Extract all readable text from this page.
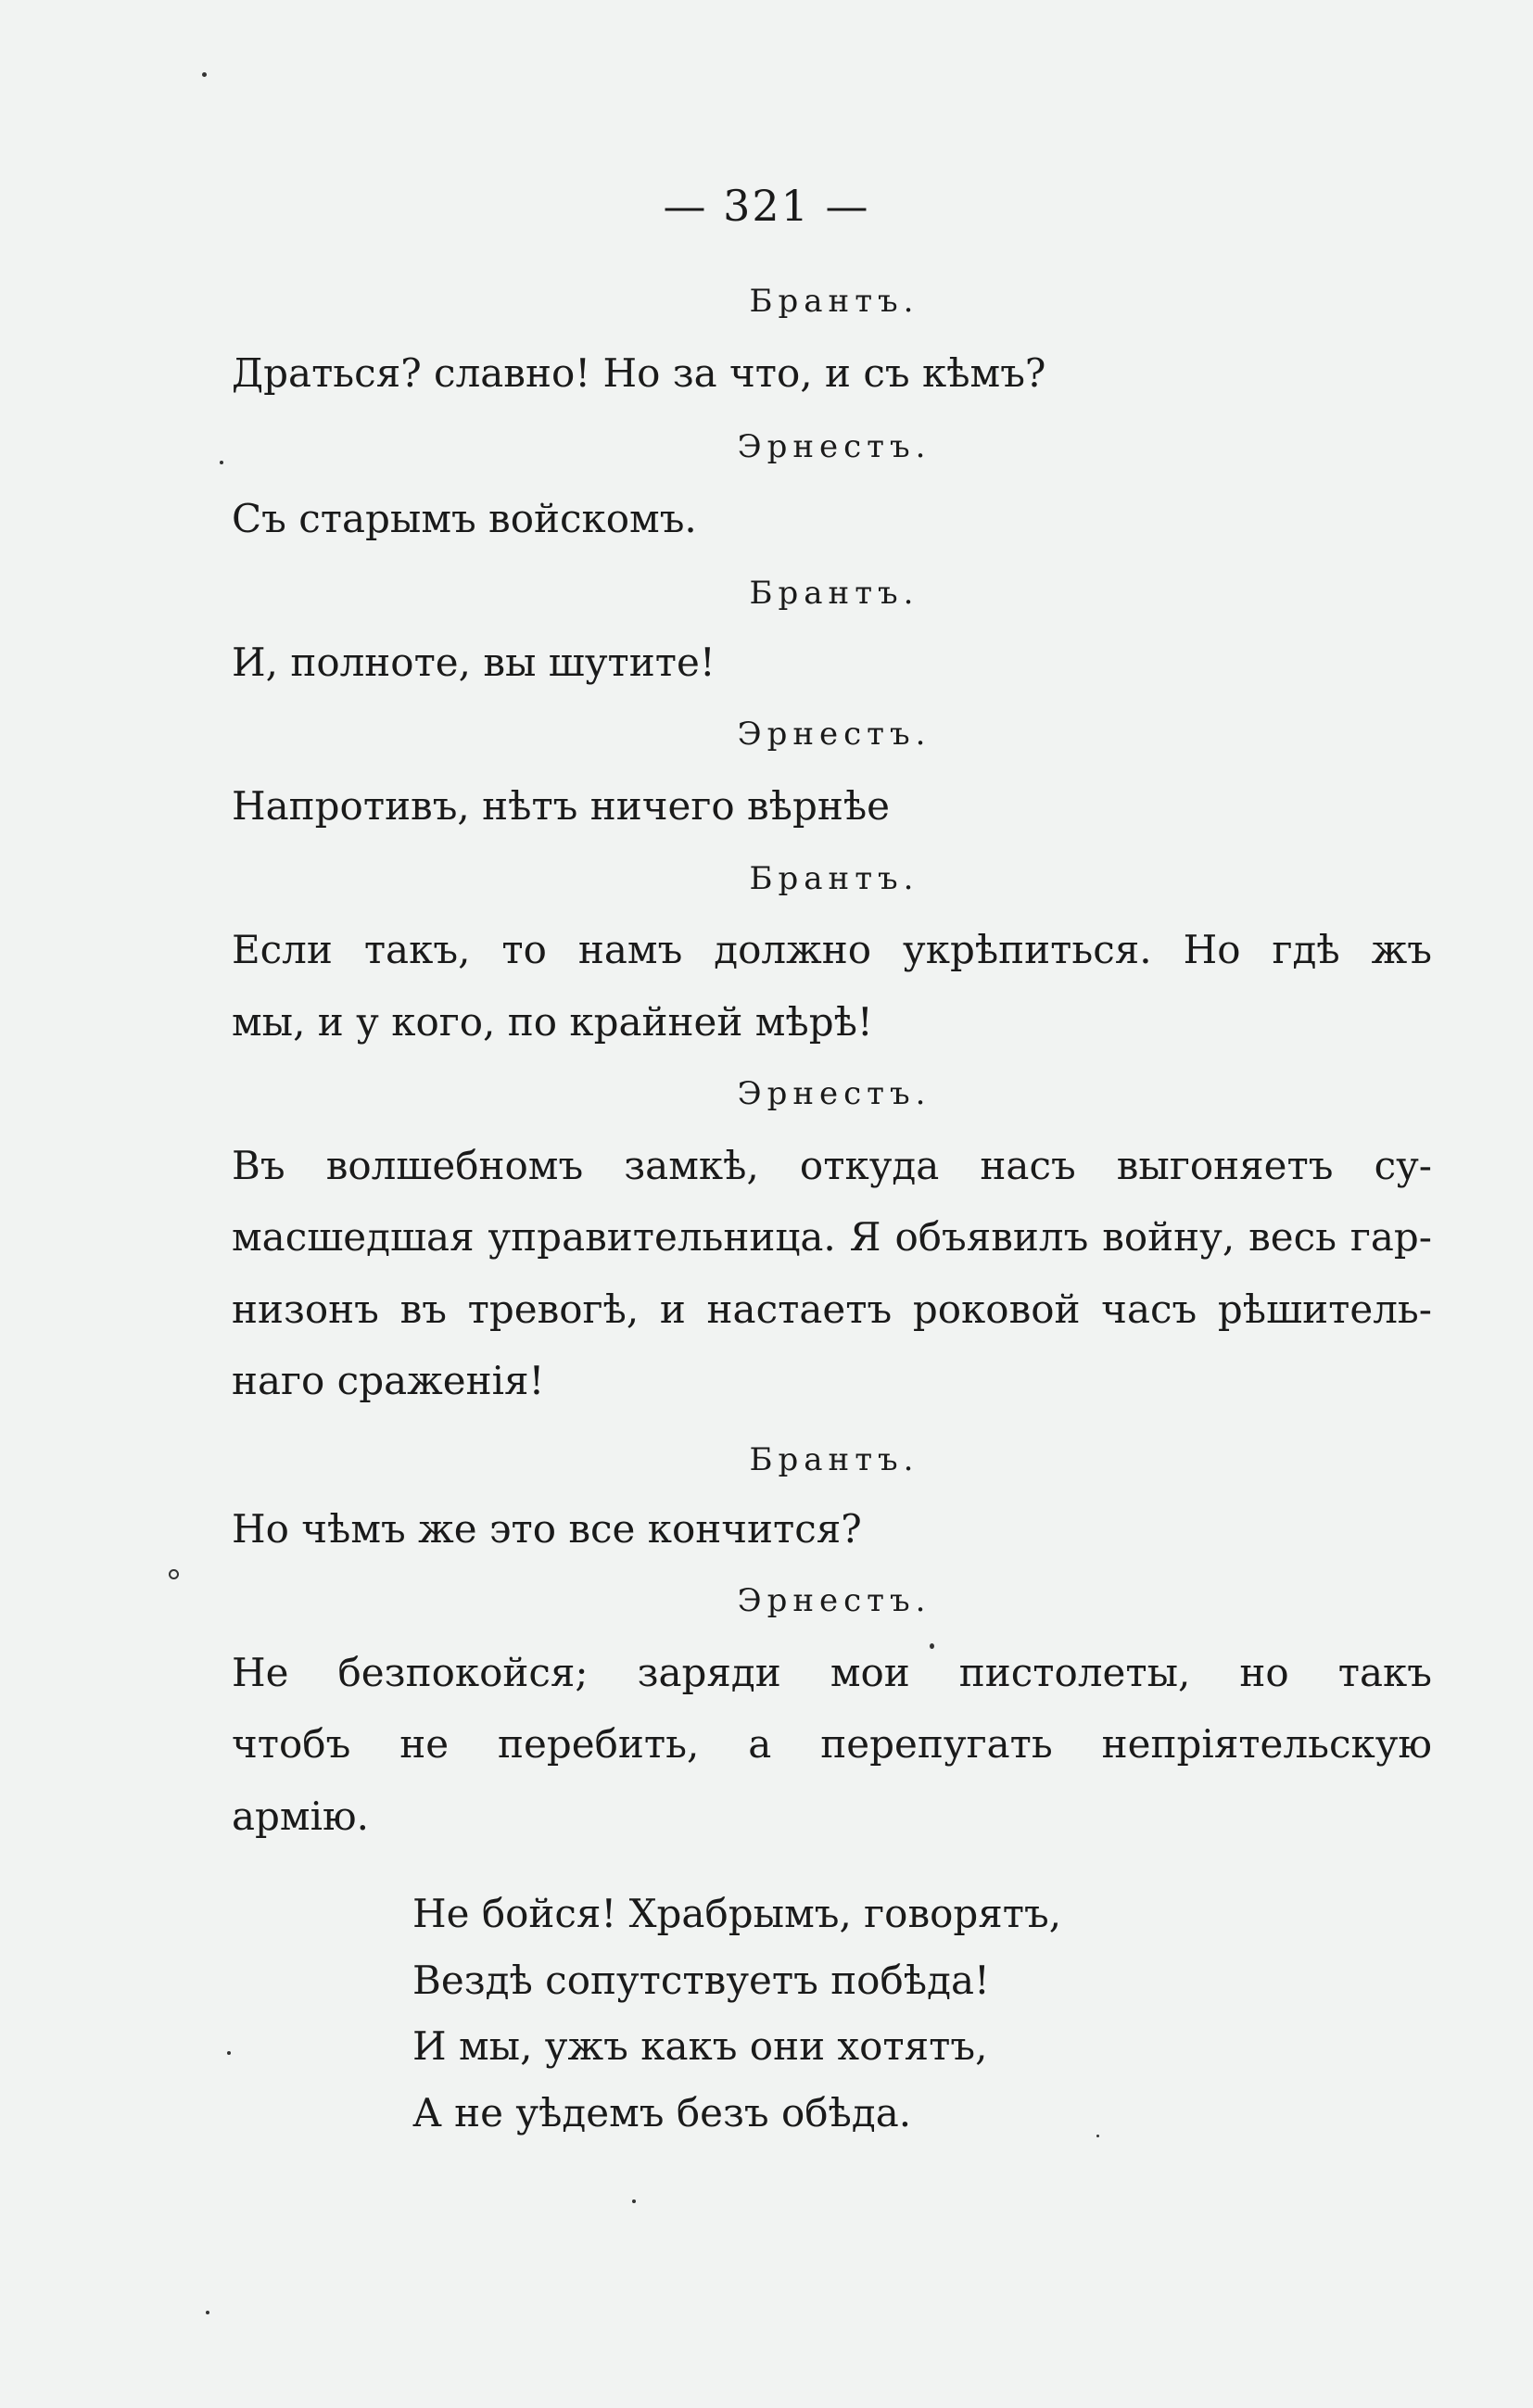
— 321 —
Брантъ.
Драться? славно! Но за что, и съ кѣмъ?
Эрнестъ.
Съ старымъ войскомъ.
Брантъ.
И, полноте, вы шутите!
Эрнестъ.
Напротивъ, нѣтъ ничего вѣрнѣе
Брантъ.
Если такъ, то намъ должно укрѣпиться. Но гдѣ жъ
мы, и у кого, по крайней мѣрѣ!
Эрнестъ.
Въ волшебномъ замкѣ, откуда насъ выгоняетъ су-
масшедшая управительница. Я объявилъ войну, весь гар-
низонъ въ тревогѣ, и настаетъ роковой часъ рѣшитель-
наго сраженія!
Брантъ.
Но чѣмъ же это все кончится?
Эрнестъ.
Не безпокойся; заряди мои пистолеты, но такъ
чтобъ не перебить, а перепугать непріятельскую
армію.
Не бойся! Храбрымъ, говорятъ,
Вездѣ сопутствуетъ побѣда!
И мы, ужъ какъ они хотятъ,
А не уѣдемъ безъ обѣда.
